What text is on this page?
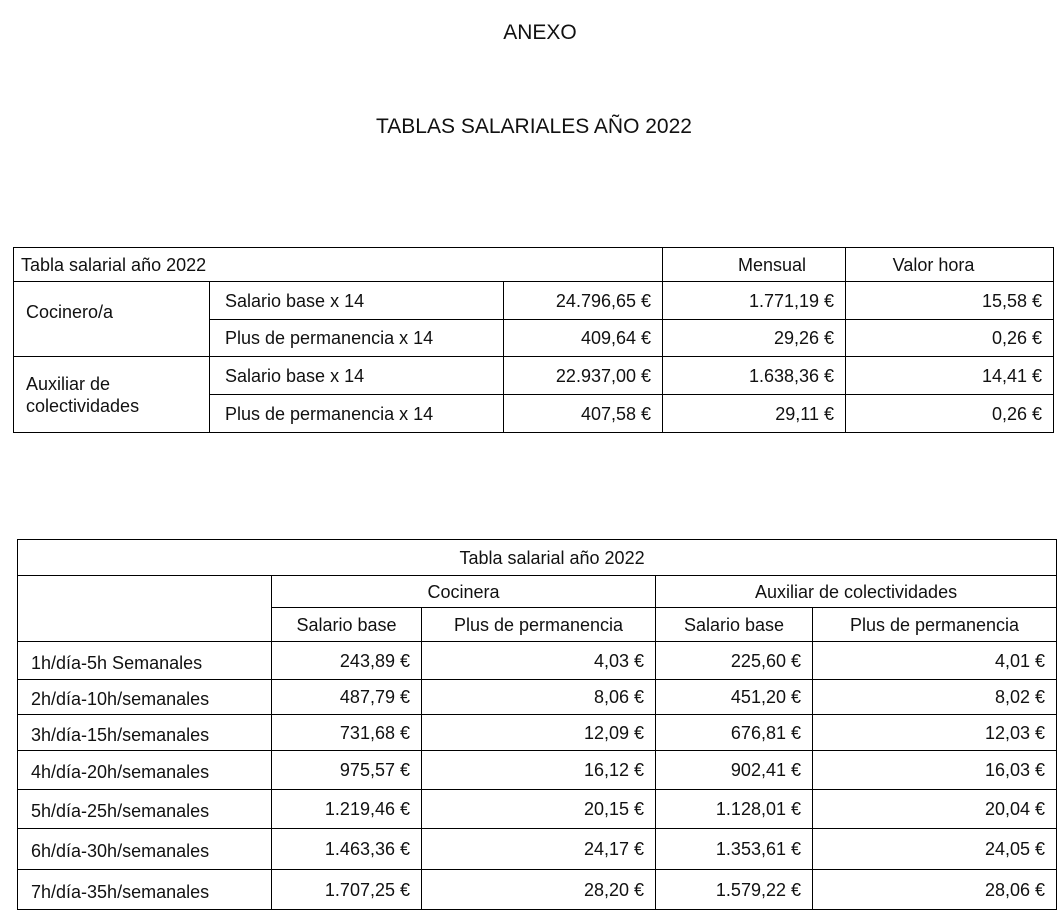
ANEXO
TABLAS SALARIALES AÑO 2022
Tabla salarial año 2022			Mensual	Valor hora
Cocinero/a	Salario base x 14	24.796,65 €	1.771,19 €	15,58 €
	Plus de permanencia x 14	409,64 €	29,26 €	0,26 €
Auxiliar de colectividades	Salario base x 14	22.937,00 €	1.638,36 €	14,41 €
	Plus de permanencia x 14	407,58 €	29,11 €	0,26 €
Tabla salarial año 2022				
	Cocinera		Auxiliar de colectividades	
	Salario base	Plus de permanencia	Salario base	Plus de permanencia
1h/día-5h Semanales	243,89 €	4,03 €	225,60 €	4,01 €
2h/día-10h/semanales	487,79 €	8,06 €	451,20 €	8,02 €
3h/día-15h/semanales	731,68 €	12,09 €	676,81 €	12,03 €
4h/día-20h/semanales	975,57 €	16,12 €	902,41 €	16,03 €
5h/día-25h/semanales	1.219,46 €	20,15 €	1.128,01 €	20,04 €
6h/día-30h/semanales	1.463,36 €	24,17 €	1.353,61 €	24,05 €
7h/día-35h/semanales	1.707,25 €	28,20 €	1.579,22 €	28,06 €
